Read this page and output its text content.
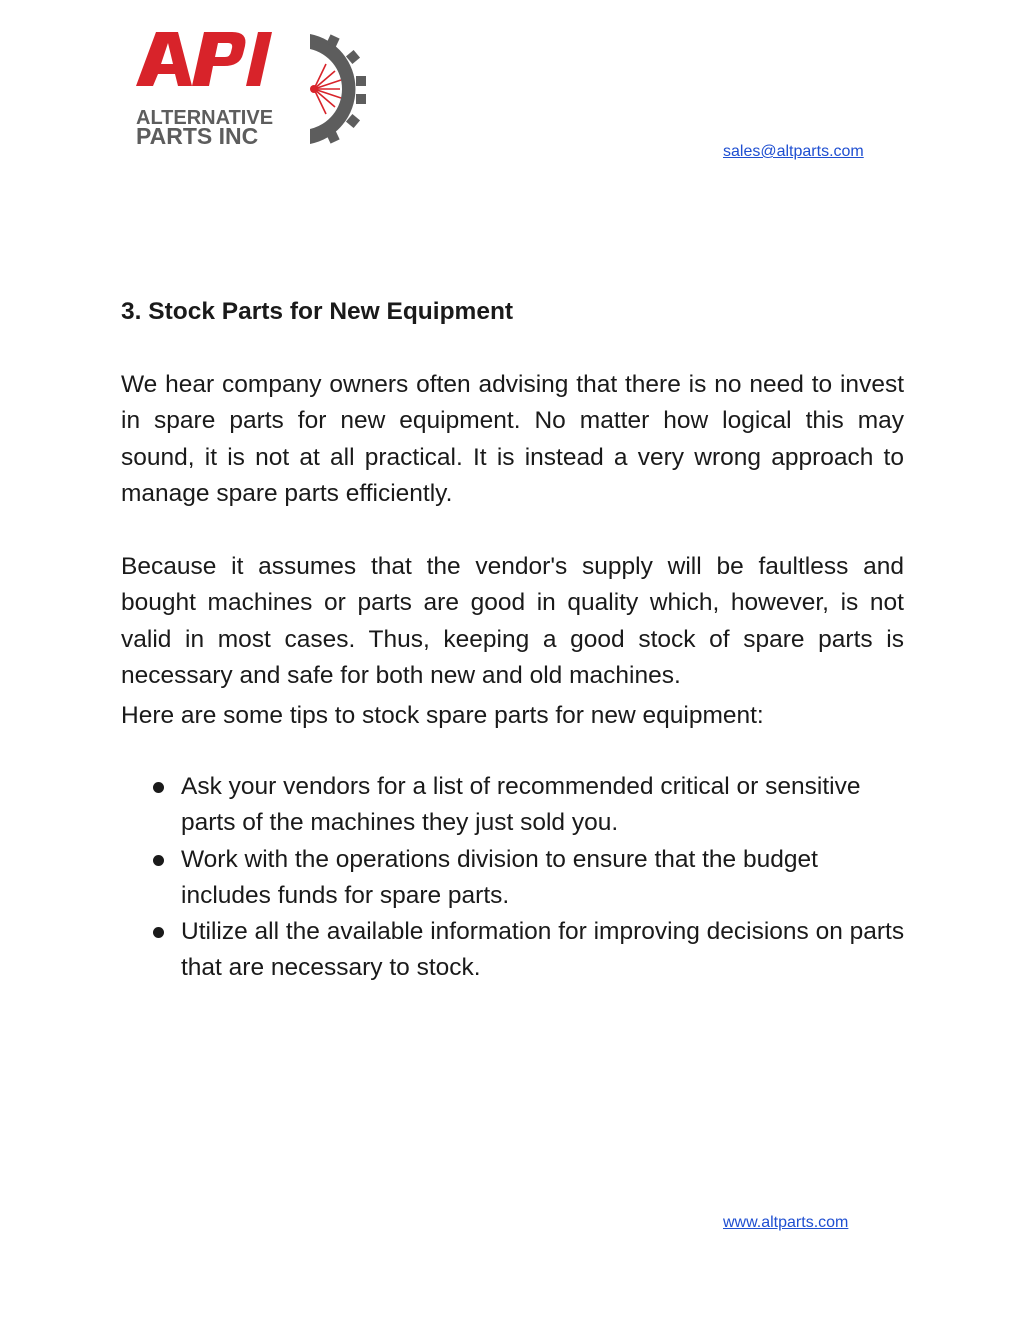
ALTERNATIVE
PARTS INC
sales@altparts.com
3. Stock Parts for New Equipment

We hear company owners often advising that there is no need to invest in spare parts for new equipment. No matter how logical this may sound, it is not at all practical. It is instead a very wrong approach to manage spare parts efficiently.

Because it assumes that the vendor's supply will be faultless and bought machines or parts are good in quality which, however, is not valid in most cases. Thus, keeping a good stock of spare parts is necessary and safe for both new and old machines.

Here are some tips to stock spare parts for new equipment:

Ask your vendors for a list of recommended critical or sensitive parts of the machines they just sold you.
Work with the operations division to ensure that the budget includes funds for spare parts.
Utilize all the available information for improving decisions on parts that are necessary to stock.
www.altparts.com
